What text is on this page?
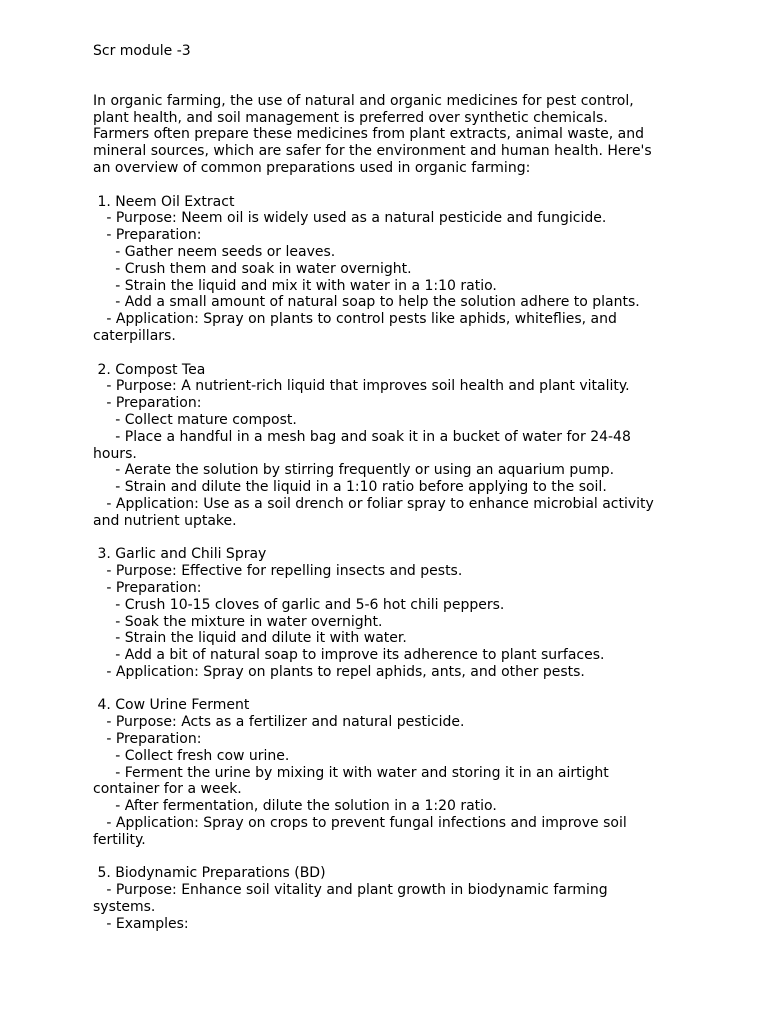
Scr module -3
In organic farming, the use of natural and organic medicines for pest control,
plant health, and soil management is preferred over synthetic chemicals.
Farmers often prepare these medicines from plant extracts, animal waste, and
mineral sources, which are safer for the environment and human health. Here's
an overview of common preparations used in organic farming:
1. Neem Oil Extract
- Purpose: Neem oil is widely used as a natural pesticide and fungicide.
- Preparation:
- Gather neem seeds or leaves.
- Crush them and soak in water overnight.
- Strain the liquid and mix it with water in a 1:10 ratio.
- Add a small amount of natural soap to help the solution adhere to plants.
- Application: Spray on plants to control pests like aphids, whiteflies, and
caterpillars.
2. Compost Tea
- Purpose: A nutrient-rich liquid that improves soil health and plant vitality.
- Preparation:
- Collect mature compost.
- Place a handful in a mesh bag and soak it in a bucket of water for 24-48
hours.
- Aerate the solution by stirring frequently or using an aquarium pump.
- Strain and dilute the liquid in a 1:10 ratio before applying to the soil.
- Application: Use as a soil drench or foliar spray to enhance microbial activity
and nutrient uptake.
3. Garlic and Chili Spray
- Purpose: Effective for repelling insects and pests.
- Preparation:
- Crush 10-15 cloves of garlic and 5-6 hot chili peppers.
- Soak the mixture in water overnight.
- Strain the liquid and dilute it with water.
- Add a bit of natural soap to improve its adherence to plant surfaces.
- Application: Spray on plants to repel aphids, ants, and other pests.
4. Cow Urine Ferment
- Purpose: Acts as a fertilizer and natural pesticide.
- Preparation:
- Collect fresh cow urine.
- Ferment the urine by mixing it with water and storing it in an airtight
container for a week.
- After fermentation, dilute the solution in a 1:20 ratio.
- Application: Spray on crops to prevent fungal infections and improve soil
fertility.
5. Biodynamic Preparations (BD)
- Purpose: Enhance soil vitality and plant growth in biodynamic farming
systems.
- Examples:
